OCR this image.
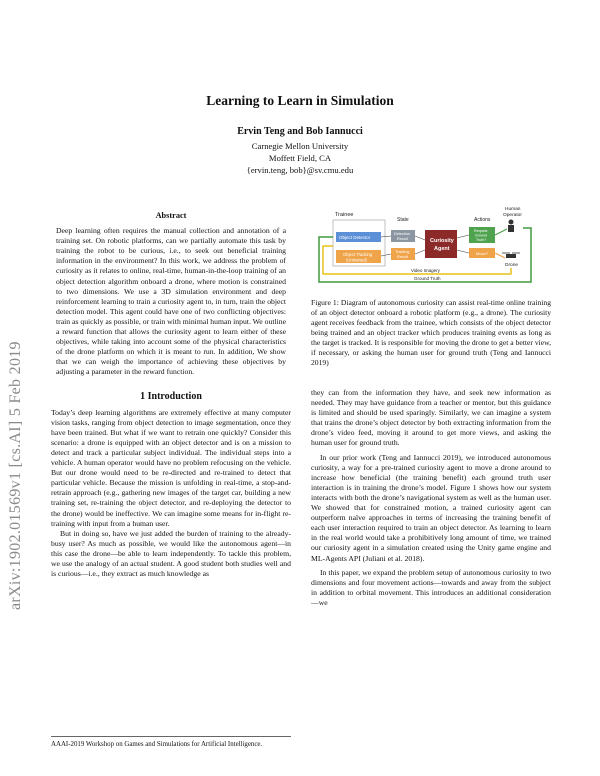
arXiv:1902.01569v1 [cs.AI] 5 Feb 2019
Learning to Learn in Simulation
Ervin Teng and Bob Iannucci
Carnegie Mellon University
Moffett Field, CA
{ervin.teng, bob}@sv.cmu.edu
Abstract

Deep learning often requires the manual collection and annotation of a training set. On robotic platforms, can we partially automate this task by training the robot to be curious, i.e., to seek out beneficial training information in the environment? In this work, we address the problem of curiosity as it relates to online, real-time, human-in-the-loop training of an object detection algorithm onboard a drone, where motion is constrained to two dimensions. We use a 3D simulation environment and deep reinforcement learning to train a curiosity agent to, in turn, train the object detection model. This agent could have one of two conflicting objectives: train as quickly as possible, or train with minimal human input. We outline a reward function that allows the curiosity agent to learn either of these objectives, while taking into account some of the physical characteristics of the drone platform on which it is meant to run. In addition, We show that we can weigh the importance of achieving these objectives by adjusting a parameter in the reward function.

1 Introduction

Today’s deep learning algorithms are extremely effective at many computer vision tasks, ranging from object detection to image segmentation, once they have been trained. But what if we want to retrain one quickly? Consider this scenario: a drone is equipped with an object detector and is on a mission to detect and track a particular subject individual. The individual steps into a vehicle. A human operator would have no problem refocusing on the vehicle. But our drone would need to be re-directed and re-trained to detect that particular vehicle. Because the mission is unfolding in real-time, a stop-and-retrain approach (e.g., gathering new images of the target car, building a new training set, re-training the object detector, and re-deploying the detector to the drone) would be ineffective. We can imagine some means for in-flight re-training with input from a human user.

But in doing so, have we just added the burden of training to the already-busy user? As much as possible, we would like the autonomous agent—in this case the drone—be able to learn independently. To tackle this problem, we use the analogy of an actual student. A good student both studies well and is curious—i.e., they extract as much knowledge as

AAAI-2019 Workshop on Games and Simulations for Artificial Intelligence.
Trainee
State	Actions
Human
Operator
Object Detector
Object Tracking
(Untrained)
Detection
Result
Tracking
Result
Curiosity
Agent
Request
Ground
Truth?
Move?
Drone
Video Imagery
Ground Truth
Figure 1: Diagram of autonomous curiosity can assist real-time online training of an object detector onboard a robotic platform (e.g., a drone). The curiosity agent receives feedback from the trainee, which consists of the object detector being trained and an object tracker which produces training events as long as the target is tracked. It is responsible for moving the drone to get a better view, if necessary, or asking the human user for ground truth (Teng and Iannucci 2019)

they can from the information they have, and seek new information as needed. They may have guidance from a teacher or mentor, but this guidance is limited and should be used sparingly. Similarly, we can imagine a system that trains the drone’s object detector by both extracting information from the drone’s video feed, moving it around to get more views, and asking the human user for ground truth.

In our prior work (Teng and Iannucci 2019), we introduced autonomous curiosity, a way for a pre-trained curiosity agent to move a drone around to increase how beneficial (the training benefit) each ground truth user interaction is in training the drone’s model. Figure 1 shows how our system interacts with both the drone’s navigational system as well as the human user. We showed that for constrained motion, a trained curiosity agent can outperform naïve approaches in terms of increasing the training benefit of each user interaction required to train an object detector. As learning to learn in the real world would take a prohibitively long amount of time, we trained our curiosity agent in a simulation created using the Unity game engine and ML-Agents API (Juliani et al. 2018).

In this paper, we expand the problem setup of autonomous curiosity to two dimensions and four movement actions—towards and away from the subject in addition to orbital movement. This introduces an additional consideration—we
